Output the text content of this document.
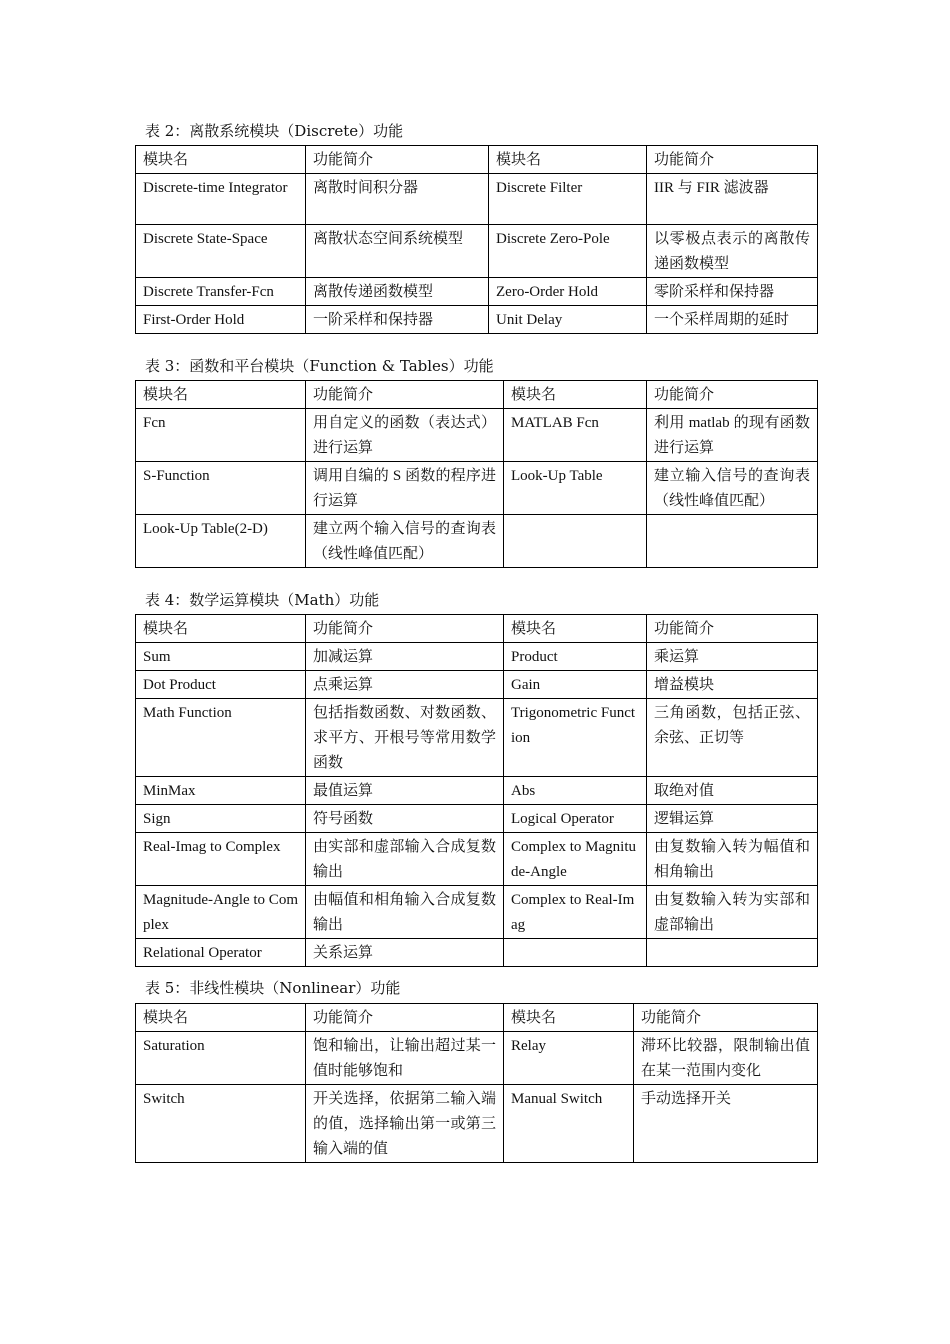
表 2：离散系统模块（Discrete）功能
模块名	功能简介	模块名	功能简介
Discrete-time Integrator	离散时间积分器	Discrete Filter	IIR 与 FIR 滤波器
Discrete State-Space	离散状态空间系统模型	Discrete Zero-Pole	以零极点表示的离散传递函数模型
Discrete Transfer-Fcn	离散传递函数模型	Zero-Order Hold	零阶采样和保持器
First-Order Hold	一阶采样和保持器	Unit Delay	一个采样周期的延时
表 3：函数和平台模块（Function & Tables）功能
模块名	功能简介	模块名	功能简介
Fcn	用自定义的函数（表达式）进行运算	MATLAB Fcn	利用 matlab 的现有函数进行运算
S-Function	调用自编的 S 函数的程序进行运算	Look-Up Table	建立输入信号的查询表（线性峰值匹配）
Look-Up Table(2-D)	建立两个输入信号的查询表（线性峰值匹配）		
表 4：数学运算模块（Math）功能
模块名	功能简介	模块名	功能简介
Sum	加减运算	Product	乘运算
Dot Product	点乘运算	Gain	增益模块
Math Function	包括指数函数、对数函数、求平方、开根号等常用数学函数	Trigonometric Function	三角函数，包括正弦、余弦、正切等
MinMax	最值运算	Abs	取绝对值
Sign	符号函数	Logical Operator	逻辑运算
Real-Imag to Complex	由实部和虚部输入合成复数输出	Complex to Magnitude-Angle	由复数输入转为幅值和相角输出
Magnitude-Angle to Complex	由幅值和相角输入合成复数输出	Complex to Real-Imag	由复数输入转为实部和虚部输出
Relational Operator	关系运算		
表 5：非线性模块（Nonlinear）功能
模块名	功能简介	模块名	功能简介
Saturation	饱和输出，让输出超过某一值时能够饱和	Relay	滞环比较器，限制输出值在某一范围内变化
Switch	开关选择，依据第二输入端的值，选择输出第一或第三输入端的值	Manual Switch	手动选择开关
